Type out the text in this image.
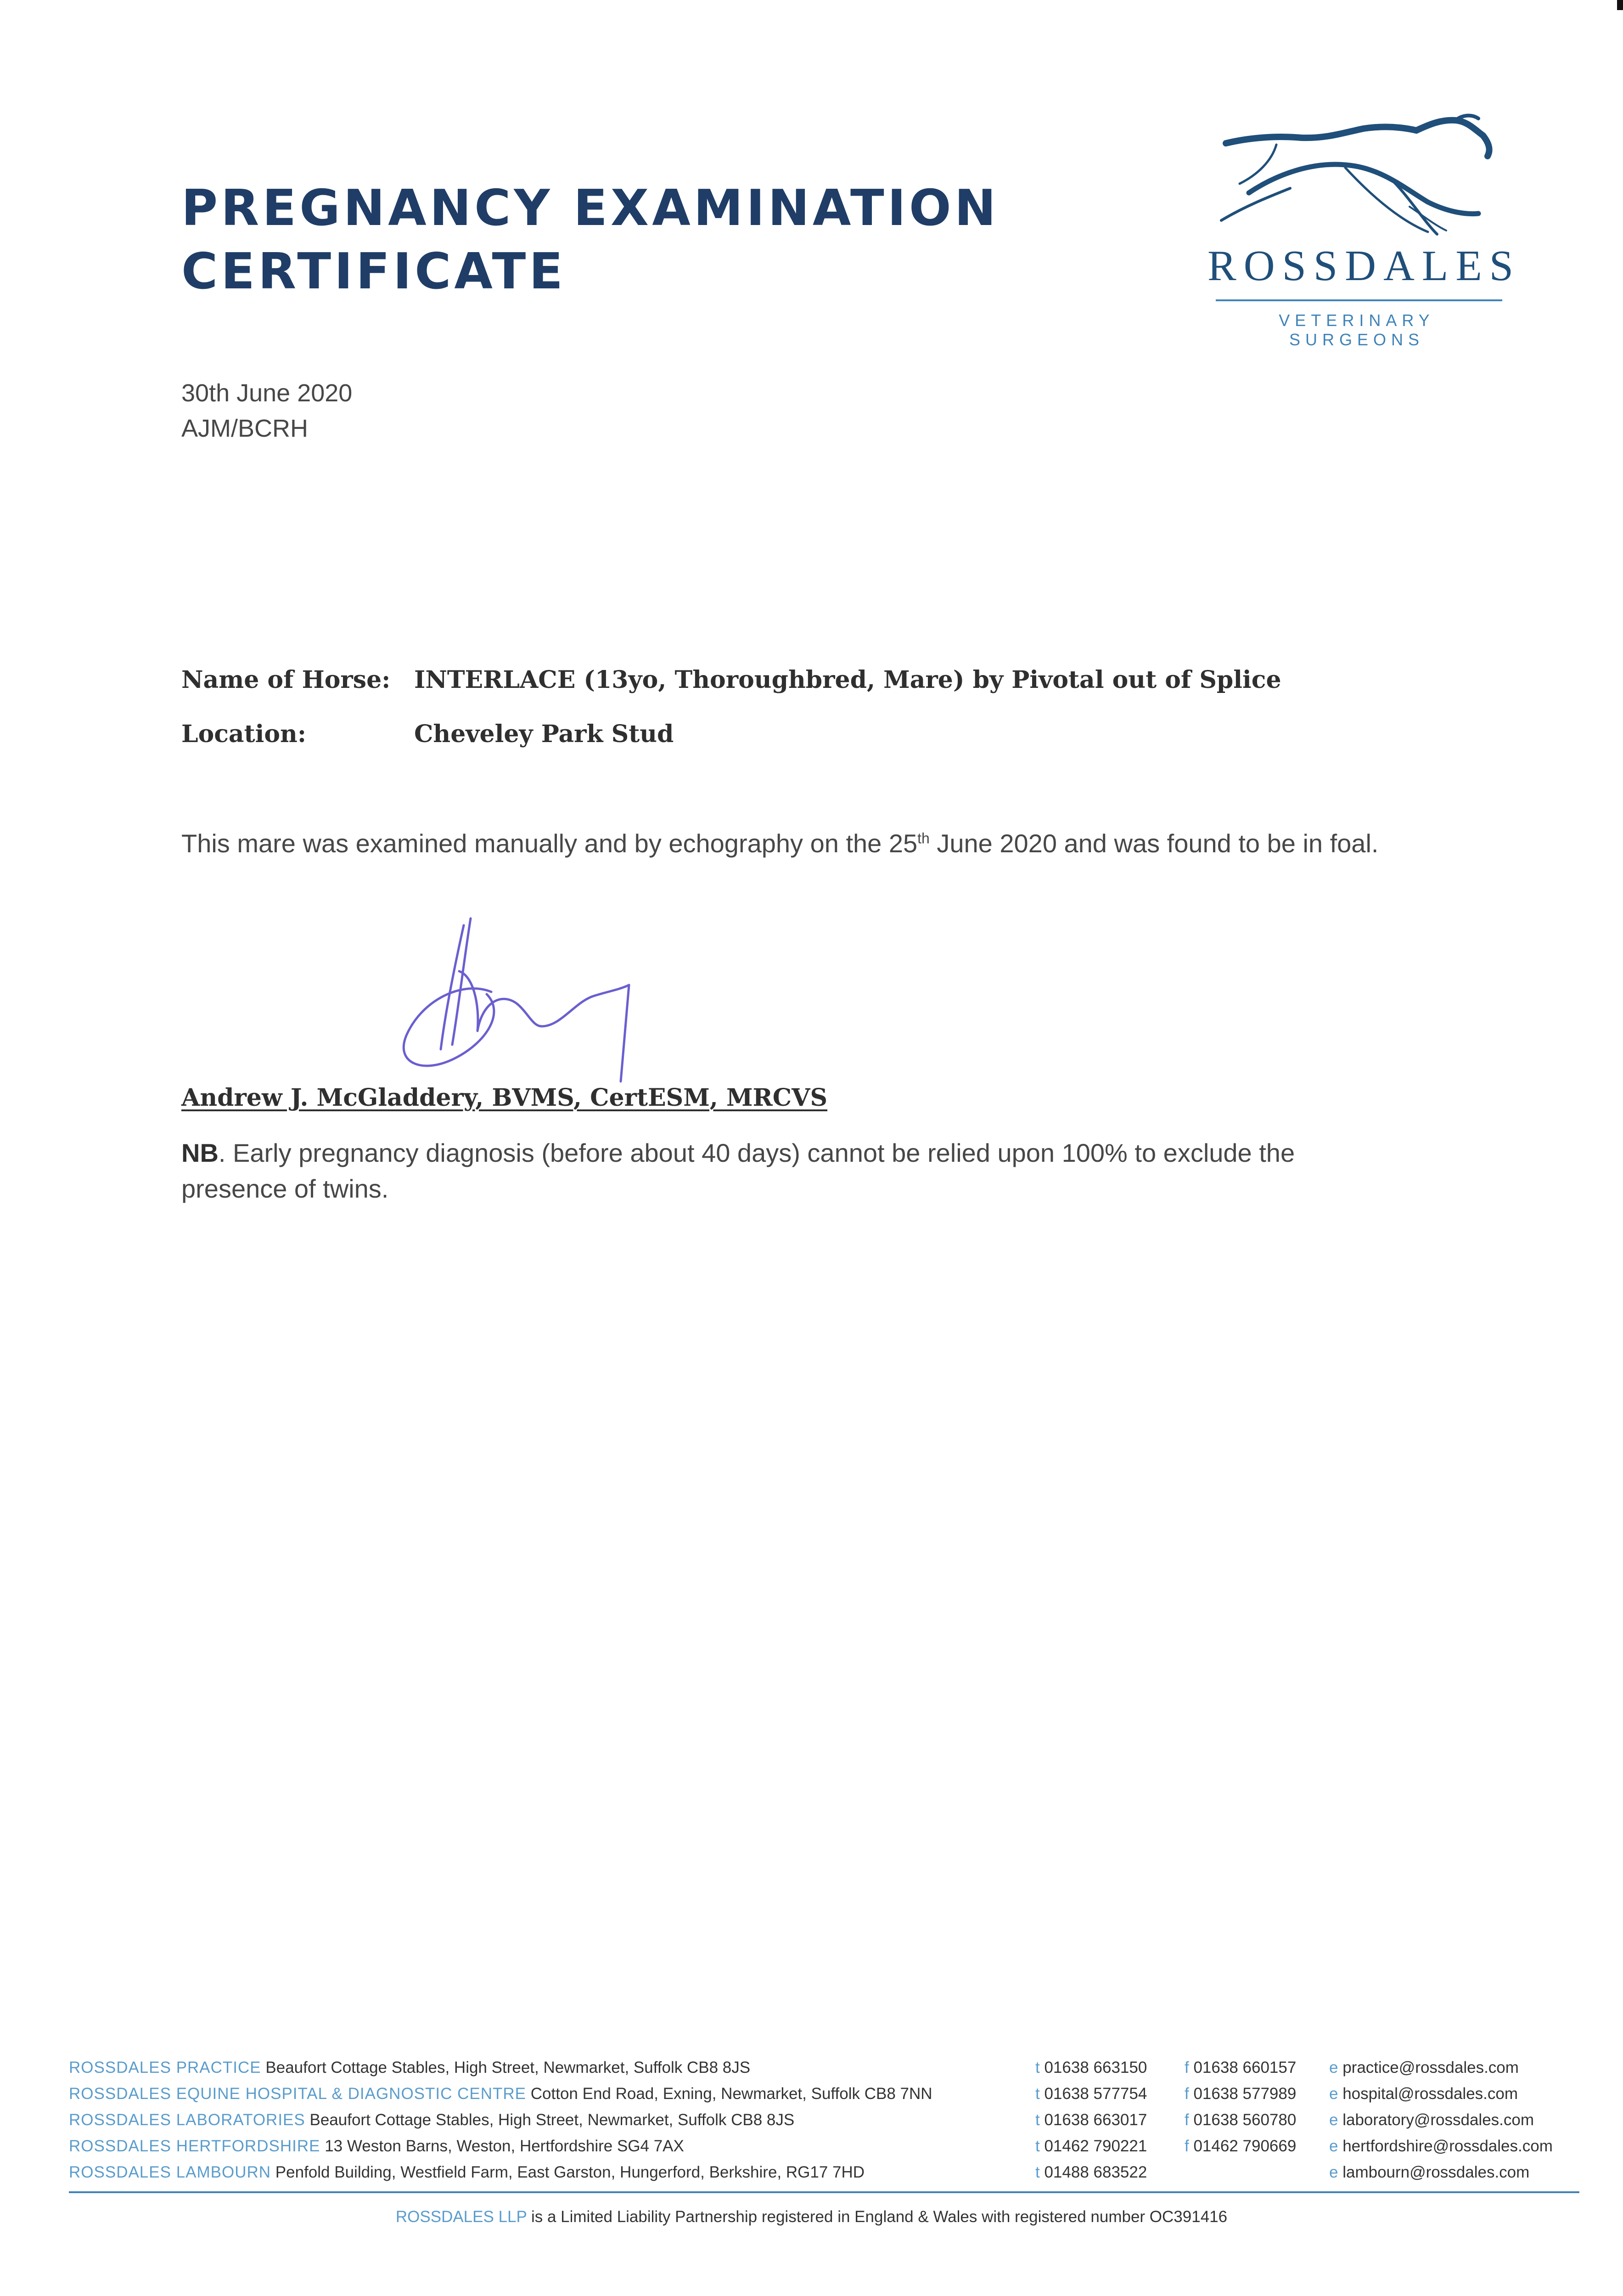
PREGNANCY EXAMINATION
CERTIFICATE	ROSSDALES
VETERINARY SURGEONS
30th June 2020
AJM/BCRH
Name of Horse: INTERLACE (13yo, Thoroughbred, Mare) by Pivotal out of Splice
Location:	Cheveley Park Stud
This mare was examined manually and by echography on the 25th June 2020 and was found to be in foal.
Andrew J. McGladdery, BVMS, CertESM, MRCVS
NB. Early pregnancy diagnosis (before about 40 days) cannot be relied upon 100% to exclude the presence of twins.
ROSSDALES PRACTICE Beaufort Cottage Stables, High Street, Newmarket, Suffolk CB8 8JS	t 01638 663150 f 01638 660157 e practice@rossdales.com
ROSSDALES EQUINE HOSPITAL & DIAGNOSTIC CENTRE Cotton End Road, Exning, Newmarket, Suffolk CB8 7NN	t 01638 577754 f 01638 577989 e hospital@rossdales.com
ROSSDALES LABORATORIES Beaufort Cottage Stables, High Street, Newmarket, Suffolk CB8 8JS	t 01638 663017 f 01638 560780 e laboratory@rossdales.com
ROSSDALES HERTFORDSHIRE 13 Weston Barns, Weston, Hertfordshire SG4 7AX	t 01462 790221 f 01462 790669 e hertfordshire@rossdales.com
ROSSDALES LAMBOURN Penfold Building, Westfield Farm, East Garston, Hungerford, Berkshire, RG17 7HD	t 01488 683522	e lambourn@rossdales.com
ROSSDALES LLP is a Limited Liability Partnership registered in England & Wales with registered number OC391416
